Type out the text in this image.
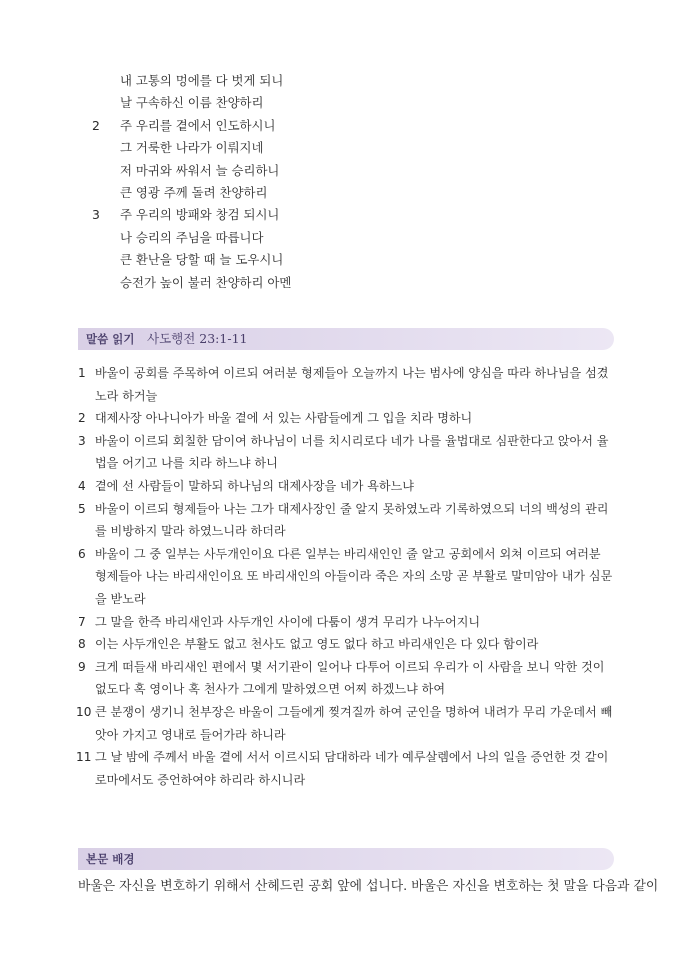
내 고통의 멍에를 다 벗게 되니
날 구속하신 이름 찬양하리
2	주 우리를 곁에서 인도하시니
그 거룩한 나라가 이뤄지네
저 마귀와 싸워서 늘 승리하니
큰 영광 주께 돌려 찬양하리
3	주 우리의 방패와 창검 되시니
나 승리의 주님을 따릅니다
큰 환난을 당할 때 늘 도우시니
승전가 높이 불러 찬양하리 아멘
말씀 읽기 사도행전 23:1-11
1 바울이 공회를 주목하여 이르되 여러분 형제들아 오늘까지 나는 범사에 양심을 따라 하나님을 섬겼노라 하거늘
2 대제사장 아나니아가 바울 곁에 서 있는 사람들에게 그 입을 치라 명하니
3 바울이 이르되 회칠한 담이여 하나님이 너를 치시리로다 네가 나를 율법대로 심판한다고 앉아서 율법을 어기고 나를 치라 하느냐 하니
4 곁에 선 사람들이 말하되 하나님의 대제사장을 네가 욕하느냐
5 바울이 이르되 형제들아 나는 그가 대제사장인 줄 알지 못하였노라 기록하였으되 너의 백성의 관리를 비방하지 말라 하였느니라 하더라
6 바울이 그 중 일부는 사두개인이요 다른 일부는 바리새인인 줄 알고 공회에서 외쳐 이르되 여러분 형제들아 나는 바리새인이요 또 바리새인의 아들이라 죽은 자의 소망 곧 부활로 말미암아 내가 심문을 받노라
7 그 말을 한즉 바리새인과 사두개인 사이에 다툼이 생겨 무리가 나누어지니
8 이는 사두개인은 부활도 없고 천사도 없고 영도 없다 하고 바리새인은 다 있다 함이라
9 크게 떠들새 바리새인 편에서 몇 서기관이 일어나 다투어 이르되 우리가 이 사람을 보니 악한 것이 없도다 혹 영이나 혹 천사가 그에게 말하였으면 어찌 하겠느냐 하여
10 큰 분쟁이 생기니 천부장은 바울이 그들에게 찢겨질까 하여 군인을 명하여 내려가 무리 가운데서 빼앗아 가지고 영내로 들어가라 하니라
11 그 날 밤에 주께서 바울 곁에 서서 이르시되 담대하라 네가 예루살렘에서 나의 일을 증언한 것 같이 로마에서도 증언하여야 하리라 하시니라
본문 배경
바울은 자신을 변호하기 위해서 산헤드린 공회 앞에 섭니다. 바울은 자신을 변호하는 첫 말을 다음과 같이
